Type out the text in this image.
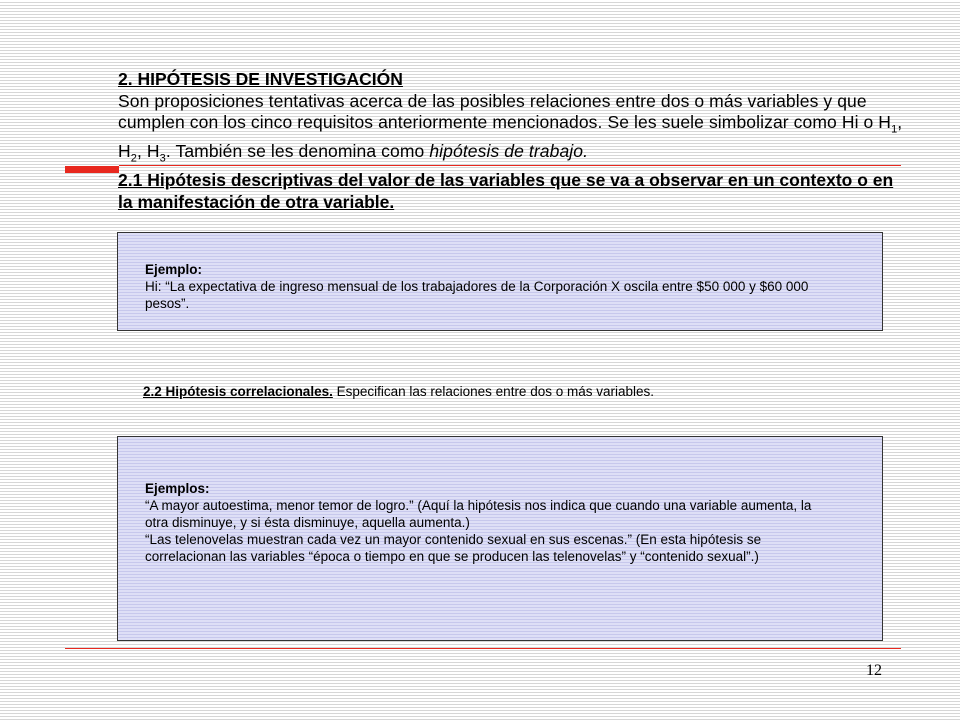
2. HIPÓTESIS DE INVESTIGACIÓN
Son proposiciones tentativas acerca de las posibles relaciones entre dos o más variables y que cumplen con los cinco requisitos anteriormente mencionados. Se les suele simbolizar como Hi o $H_1$, $H_2$, $H_3$. También se les denomina como hipótesis de trabajo.
2.1 Hipótesis descriptivas del valor de las variables que se va a observar en un contexto o en la manifestación de otra variable.
Ejemplo:
Hi: “La expectativa de ingreso mensual de los trabajadores de la Corporación X oscila entre $50 000 y $60 000 pesos”.
2.2 Hipótesis correlacionales. Especifican las relaciones entre dos o más variables.
Ejemplos:
“A mayor autoestima, menor temor de logro.” (Aquí la hipótesis nos indica que cuando una variable aumenta, la otra disminuye, y si ésta disminuye, aquella aumenta.)
“Las telenovelas muestran cada vez un mayor contenido sexual en sus escenas.” (En esta hipótesis se correlacionan las variables “época o tiempo en que se producen las telenovelas” y “contenido sexual”.)
12
